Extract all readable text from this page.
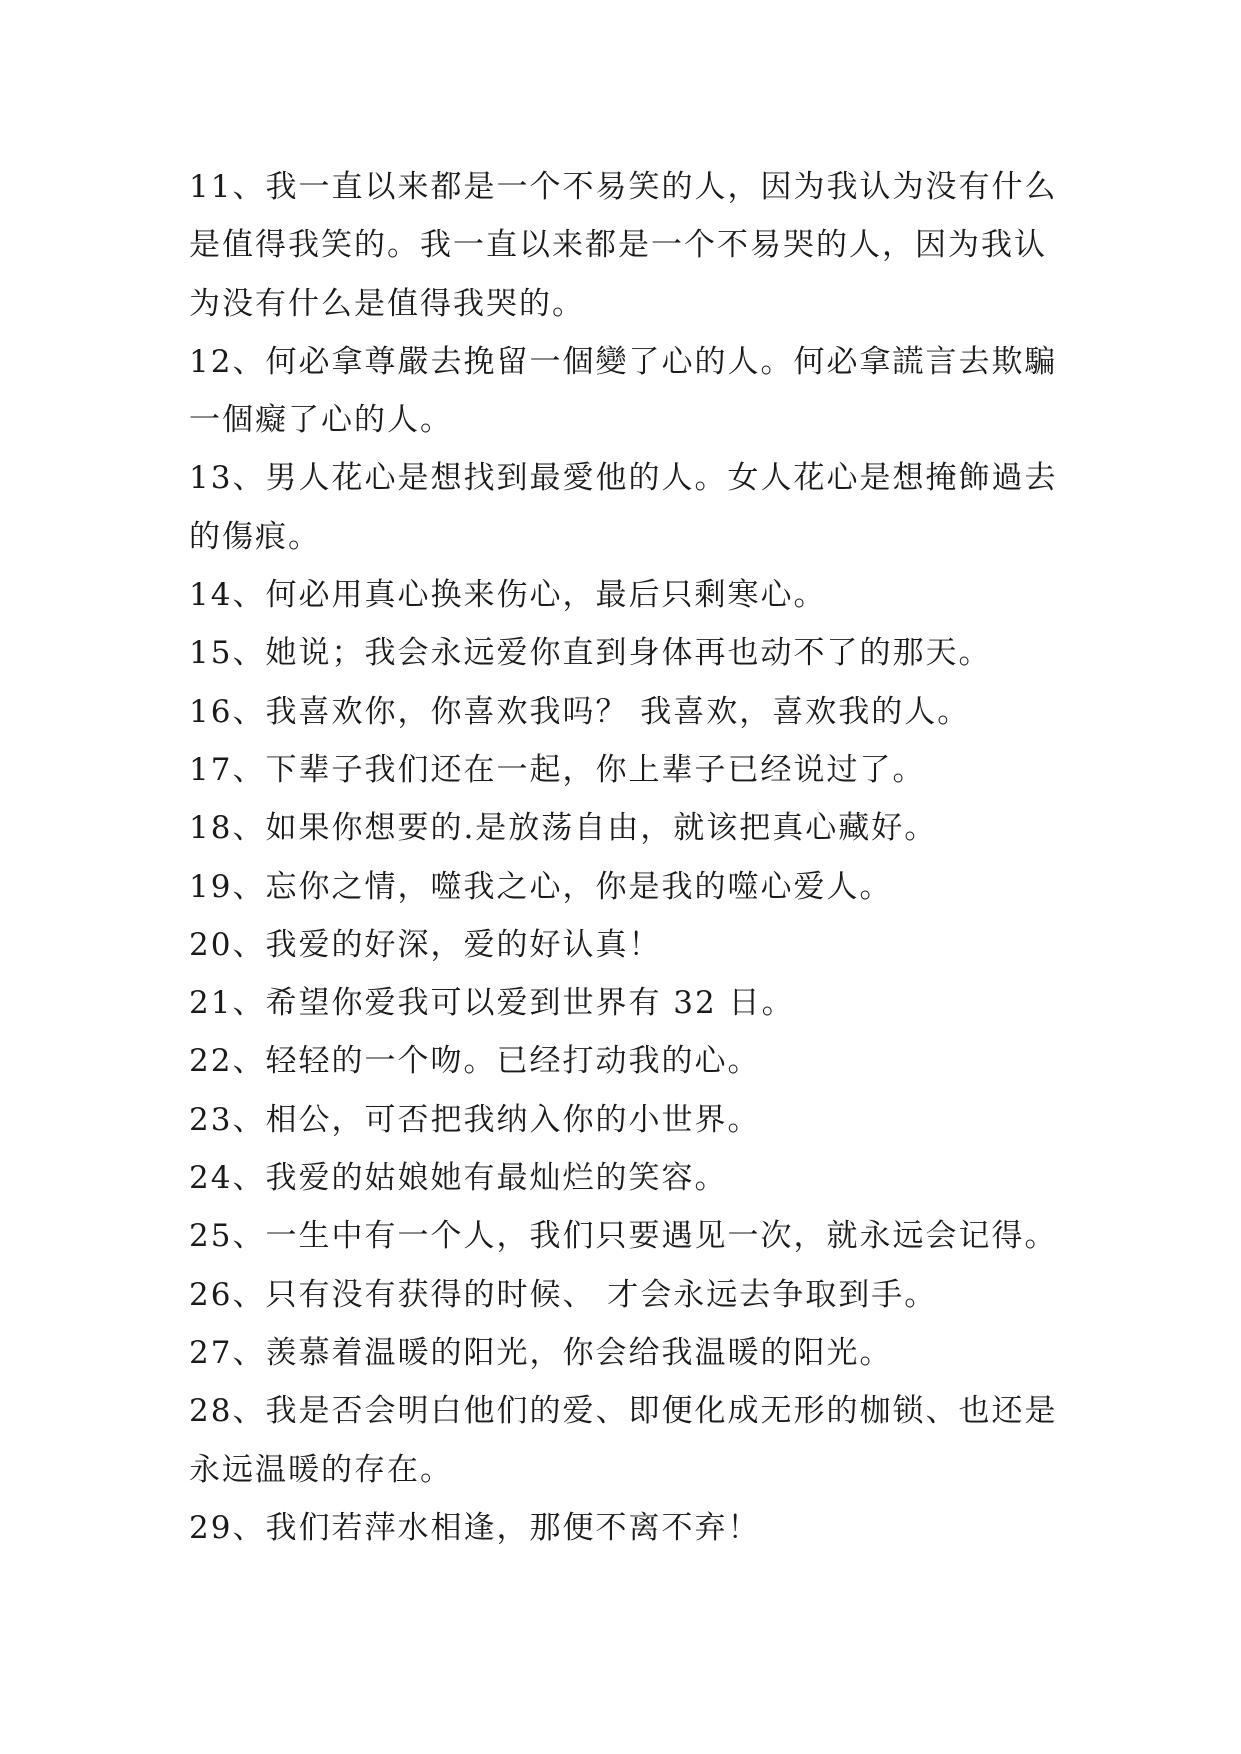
11、我一直以来都是一个不易笑的人，因为我认为没有什么是值得我笑的。我一直以来都是一个不易哭的人，因为我认为没有什么是值得我哭的。

12、何必拿尊嚴去挽留一個變了心的人。何必拿謊言去欺騙一個癡了心的人。

13、男人花心是想找到最愛他的人。女人花心是想掩飾過去的傷痕。

14、何必用真心换来伤心，最后只剩寒心。

15、她说；我会永远爱你直到身体再也动不了的那天。

16、我喜欢你，你喜欢我吗？ 我喜欢，喜欢我的人。

17、下辈子我们还在一起，你上辈子已经说过了。

18、如果你想要的.是放荡自由，就该把真心藏好。

19、忘你之情，噬我之心，你是我的噬心爱人。

20、我爱的好深，爱的好认真！

21、希望你爱我可以爱到世界有 32 日。

22、轻轻的一个吻。已经打动我的心。

23、相公，可否把我纳入你的小世界。

24、我爱的姑娘她有最灿烂的笑容。

25、一生中有一个人，我们只要遇见一次，就永远会记得。

26、只有没有获得的时候、 才会永远去争取到手。

27、羡慕着温暖的阳光，你会给我温暖的阳光。

28、我是否会明白他们的爱、即便化成无形的枷锁、也还是永远温暖的存在。

29、我们若萍水相逢，那便不离不弃！
